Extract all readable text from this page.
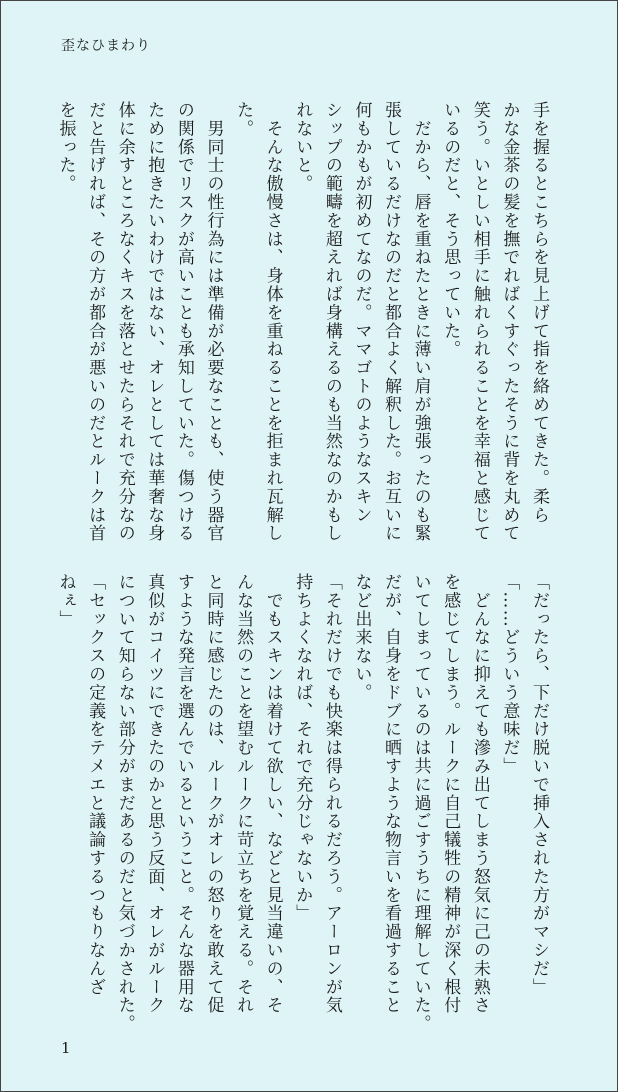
歪なひまわり

手を握るとこちらを見上げて指を絡めてきた。柔ら

かな金茶の髪を撫でればくすぐったそうに背を丸めて

笑う。いとしい相手に触れられることを幸福と感じて

いるのだと、そう思っていた。

　だから、唇を重ねたときに薄い肩が強張ったのも緊

張しているだけなのだと都合よく解釈した。お互いに

何もかもが初めてなのだ。ママゴトのようなスキン

シップの範疇を超えれば身構えるのも当然なのかもし

れないと。

　そんな傲慢さは、身体を重ねることを拒まれ瓦解し

た。

　男同士の性行為には準備が必要なことも、使う器官

の関係でリスクが高いことも承知していた。傷つける

ために抱きたいわけではない、オレとしては華奢な身

体に余すところなくキスを落とせたらそれで充分なの

だと告げれば、その方が都合が悪いのだとルークは首

を振った。

「だったら、下だけ脱いで挿入された方がマシだ」

「……どういう意味だ」

　どんなに抑えても滲み出てしまう怒気に己の未熟さ

を感じてしまう。ルークに自己犠牲の精神が深く根付

いてしまっているのは共に過ごすうちに理解していた。

だが、自身をドブに晒すような物言いを看過すること

など出来ない。

「それだけでも快楽は得られるだろう。アーロンが気

持ちよくなれば、それで充分じゃないか」

　でもスキンは着けて欲しい、などと見当違いの、そ

んな当然のことを望むルークに苛立ちを覚える。それ

と同時に感じたのは、ルークがオレの怒りを敢えて促

すような発言を選んでいるということ。そんな器用な

真似がコイツにできたのかと思う反面、オレがルーク

について知らない部分がまだあるのだと気づかされた。

「セックスの定義をテメエと議論するつもりなんざ

ねぇ」

1
